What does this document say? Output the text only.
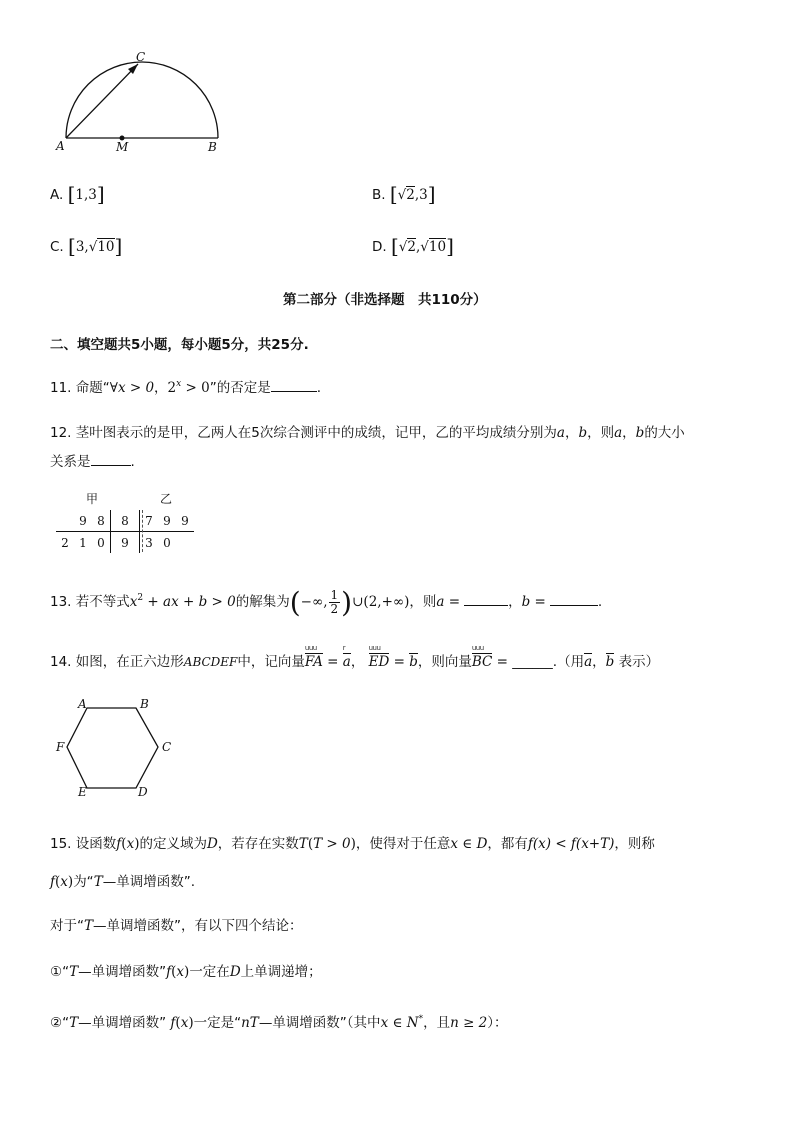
C
A	M	B
A. [1,3]	B. [√2,3]
C. [3,√10]	D. [√2,√10]
第二部分（非选择题　共110分）
二、填空题共5小题，每小题5分，共25分.
11. 命题“∀x > 0，$2^x > 0$”的否定是	.
12. 茎叶图表示的是甲，乙两人在5次综合测评中的成绩，记甲，乙的平均成绩分别为a，b，则a，b的大小
关系是	.
甲	乙
	9	8	8	7	9	9
2	1	0	9	3	0	
13. 若不等式$x^2$ + ax + b > 0的解集为(−∞, $\frac{1}{2}$ )∪(2,+∞)，则a =	，b =	.
14. 如图，在正六边形ABCDEF中，记向量
uuu
FA =
r
a，
uuu
ED = b，则向量
uuu
BC = ______.（用a，b 表示）
A	B
C
D
E
F
15. 设函数f(x)的定义域为D，若存在实数T(T > 0)，使得对于任意x ∈ D，都有f(x) < f(x+T)，则称
f(x)为“T—单调增函数”.
对于“T—单调增函数”，有以下四个结论：
①“T—单调增函数”f(x)一定在D上单调递增；
②“T—单调增函数” f(x)一定是“nT—单调增函数”（其中x ∈ N*，且n ≥ 2）：
